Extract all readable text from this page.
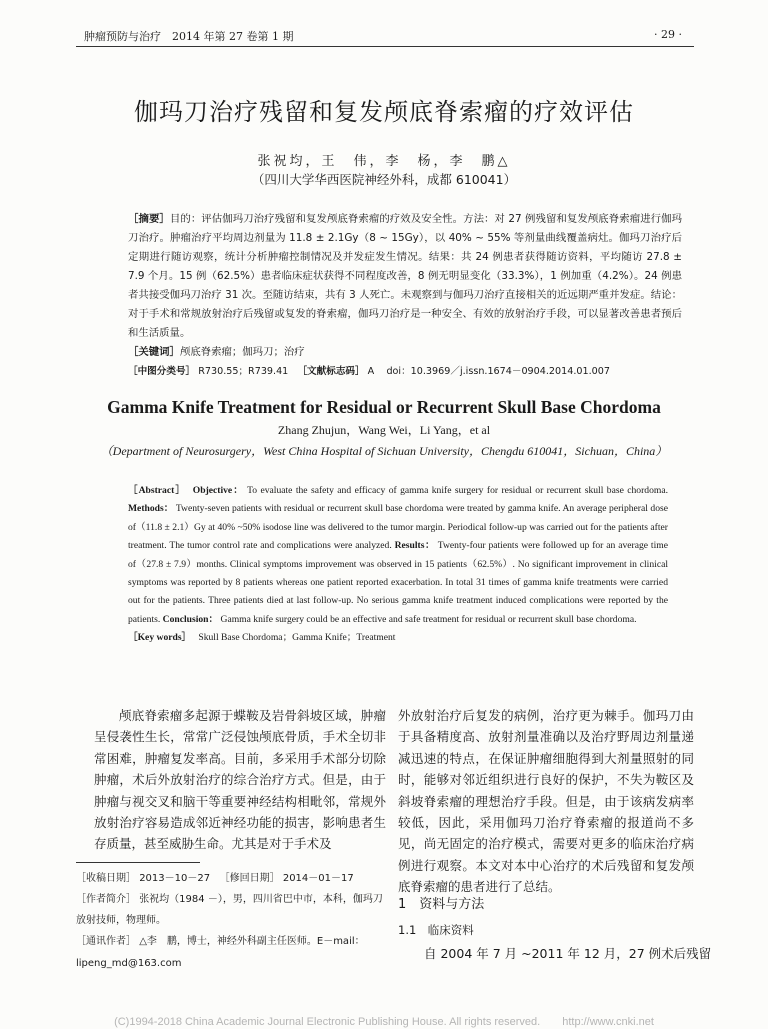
肿瘤预防与治疗　2014 年第 27 卷第 1 期	· 29 ·
伽玛刀治疗残留和复发颅底脊索瘤的疗效评估
张祝均，王　伟，李　杨，李　鹏△
（四川大学华西医院神经外科，成都 610041）

［摘要］目的：评估伽玛刀治疗残留和复发颅底脊索瘤的疗效及安全性。方法：对 27 例残留和复发颅底脊索瘤进行伽玛刀治疗。肿瘤治疗平均周边剂量为 11.8 ± 2.1Gy（8 ~ 15Gy），以 40% ~ 55% 等剂量曲线覆盖病灶。伽玛刀治疗后定期进行随访观察，统计分析肿瘤控制情况及并发症发生情况。结果：共 24 例患者获得随访资料，平均随访 27.8 ± 7.9 个月。15 例（62.5%）患者临床症状获得不同程度改善，8 例无明显变化（33.3%），1 例加重（4.2%）。24 例患者共接受伽玛刀治疗 31 次。至随访结束，共有 3 人死亡。未观察到与伽玛刀治疗直接相关的近远期严重并发症。结论：对于手术和常规放射治疗后残留或复发的脊索瘤，伽玛刀治疗是一种安全、有效的放射治疗手段，可以显著改善患者预后和生活质量。

［关键词］颅底脊索瘤；伽玛刀；治疗

［中图分类号］ R730.55；R739.41 ［文献标志码］ A doi：10.3969／j.issn.1674－0904.2014.01.007

Gamma Knife Treatment for Residual or Recurrent Skull Base Chordoma
Zhang Zhujun，Wang Wei，Li Yang，et al
（Department of Neurosurgery，West China Hospital of Sichuan University，Chengdu 610041，Sichuan，China）

［Abstract］ Objective： To evaluate the safety and efficacy of gamma knife surgery for residual or recurrent skull base chordoma. Methods： Twenty-seven patients with residual or recurrent skull base chordoma were treated by gamma knife. An average peripheral dose of（11.8 ± 2.1）Gy at 40% ~50% isodose line was delivered to the tumor margin. Periodical follow-up was carried out for the patients after treatment. The tumor control rate and complications were analyzed. Results： Twenty-four patients were followed up for an average time of（27.8 ± 7.9）months. Clinical symptoms improvement was observed in 15 patients（62.5%）. No significant improvement in clinical symptoms was reported by 8 patients whereas one patient reported exacerbation. In total 31 times of gamma knife treatments were carried out for the patients. Three patients died at last follow-up. No serious gamma knife treatment induced complications were reported by the patients. Conclusion： Gamma knife surgery could be an effective and safe treatment for residual or recurrent skull base chordoma.

［Key words］ Skull Base Chordoma；Gamma Knife；Treatment

颅底脊索瘤多起源于蝶鞍及岩骨斜坡区域，肿瘤呈侵袭性生长，常常广泛侵蚀颅底骨质，手术全切非常困难，肿瘤复发率高。目前，多采用手术部分切除肿瘤，术后外放射治疗的综合治疗方式。但是，由于肿瘤与视交叉和脑干等重要神经结构相毗邻，常规外放射治疗容易造成邻近神经功能的损害，影响患者生存质量，甚至威胁生命。尤其是对于手术及

外放射治疗后复发的病例，治疗更为棘手。伽玛刀由于具备精度高、放射剂量准确以及治疗野周边剂量递减迅速的特点，在保证肿瘤细胞得到大剂量照射的同时，能够对邻近组织进行良好的保护，不失为鞍区及斜坡脊索瘤的理想治疗手段。但是，由于该病发病率较低，因此，采用伽玛刀治疗脊索瘤的报道尚不多见，尚无固定的治疗模式，需要对更多的临床治疗病例进行观察。本文对本中心治疗的术后残留和复发颅底脊索瘤的患者进行了总结。

［收稿日期］ 2013－10－27 ［修回日期］ 2014－01－17

［作者简介］ 张祝均（1984 －），男，四川省巴中市，本科，伽玛刀放射技师，物理师。

［通讯作者］ △李　鹏，博士，神经外科副主任医师。E－mail：lipeng_md@163.com

1　资料与方法
1.1　临床资料
自 2004 年 7 月 ~2011 年 12 月，27 例术后残留
(C)1994-2018 China Academic Journal Electronic Publishing House. All rights reserved.　　http://www.cnki.net
